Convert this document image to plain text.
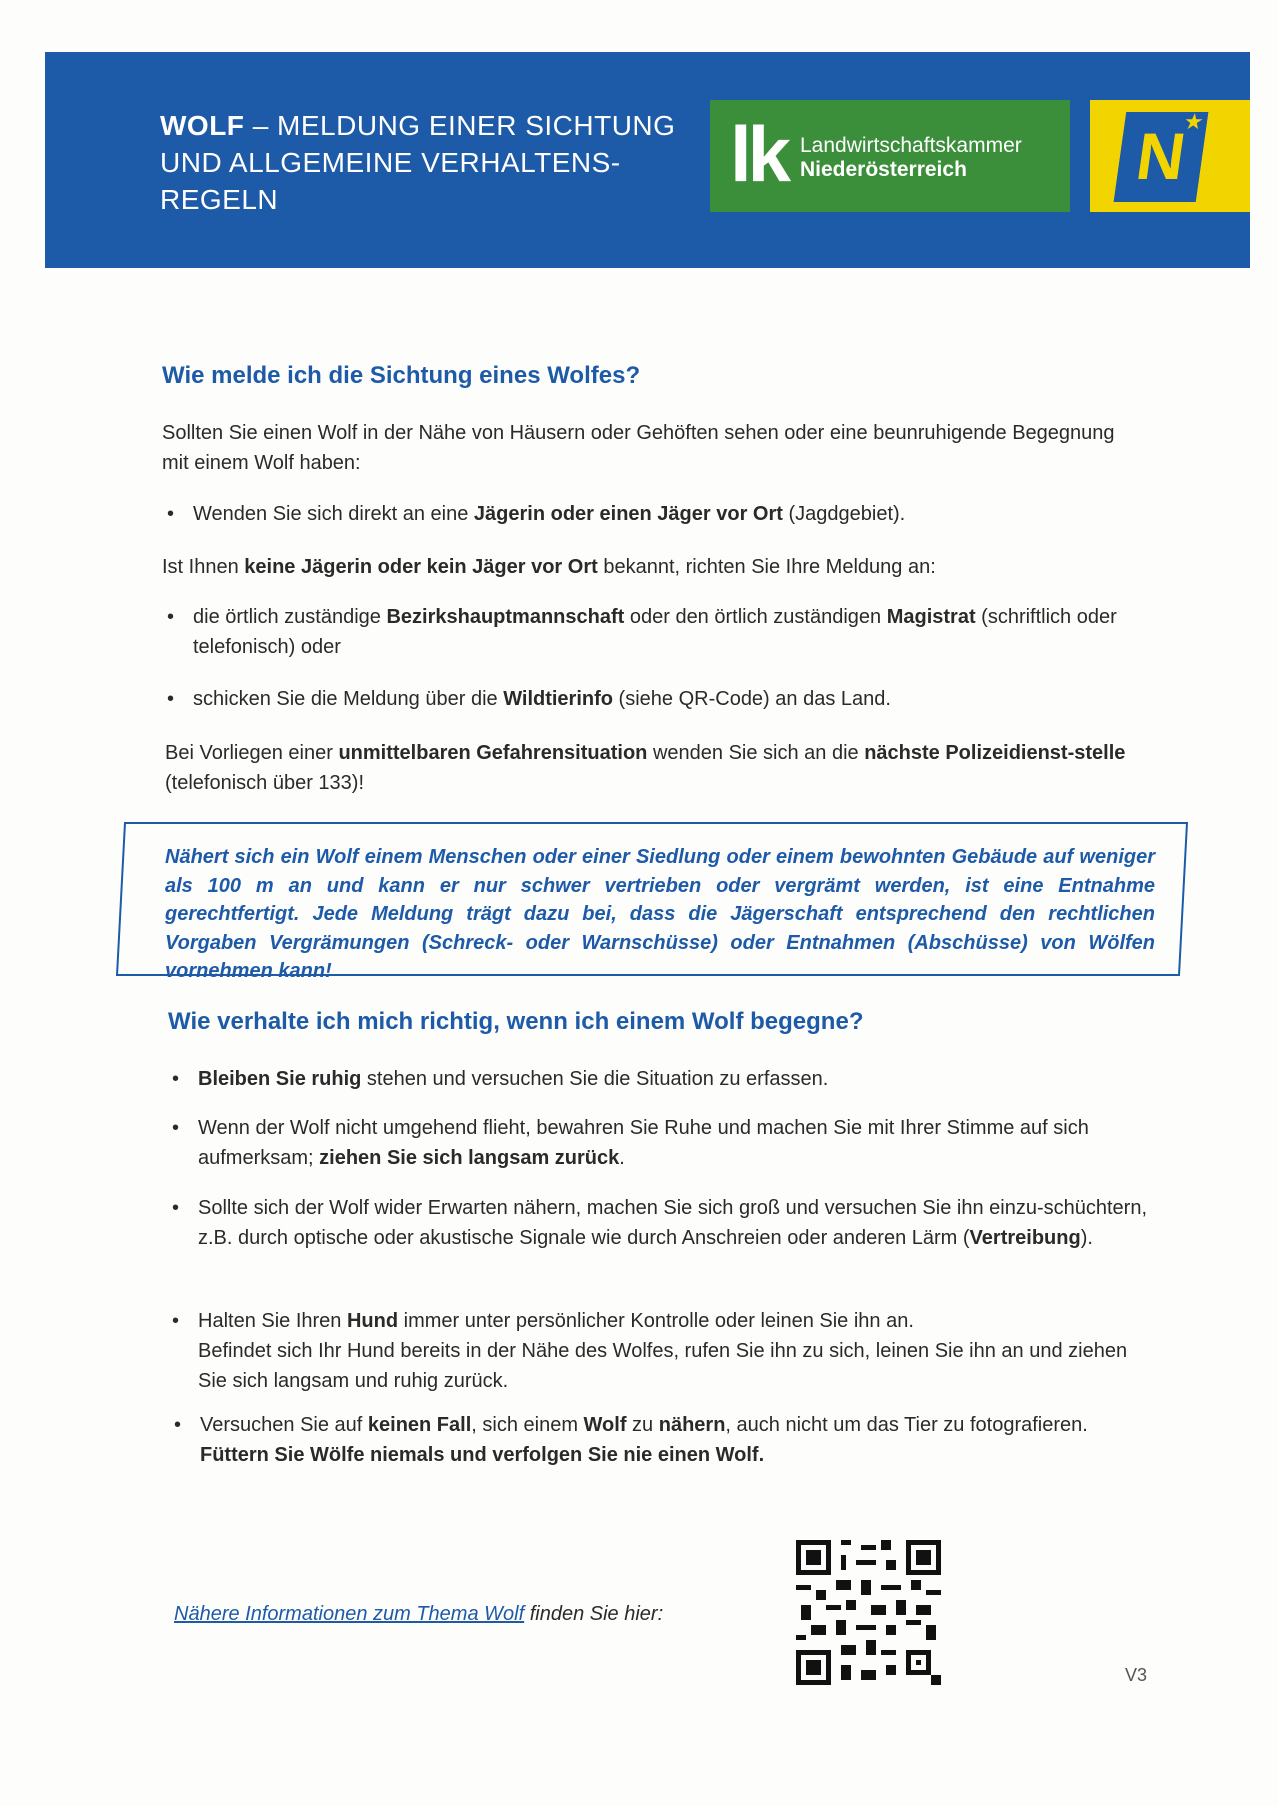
WOLF – MELDUNG EINER SICHTUNG
UND ALLGEMEINE VERHALTENS-
REGELN
lk Landwirtschaftskammer
Niederösterreich	N
★
Wie melde ich die Sichtung eines Wolfes?

Sollten Sie einen Wolf in der Nähe von Häusern oder Gehöften sehen oder eine beunruhigende Begegnung mit einem Wolf haben:

• Wenden Sie sich direkt an eine Jägerin oder einen Jäger vor Ort (Jagdgebiet).

Ist Ihnen keine Jägerin oder kein Jäger vor Ort bekannt, richten Sie Ihre Meldung an:

• die örtlich zuständige Bezirkshauptmannschaft oder den örtlich zuständigen Magistrat (schriftlich oder telefonisch) oder
• schicken Sie die Meldung über die Wildtierinfo (siehe QR-Code) an das Land.

Bei Vorliegen einer unmittelbaren Gefahrensituation wenden Sie sich an die nächste Polizeidienst-stelle (telefonisch über 133)!

Nähert sich ein Wolf einem Menschen oder einer Siedlung oder einem bewohnten Gebäude auf weniger als 100 m an und kann er nur schwer vertrieben oder vergrämt werden, ist eine Entnahme gerechtfertigt. Jede Meldung trägt dazu bei, dass die Jägerschaft entsprechend den rechtlichen Vorgaben Vergrämungen (Schreck- oder Warnschüsse) oder Entnahmen (Abschüsse) von Wölfen vornehmen kann!
Wie verhalte ich mich richtig, wenn ich einem Wolf begegne?
• Bleiben Sie ruhig stehen und versuchen Sie die Situation zu erfassen.
• Wenn der Wolf nicht umgehend flieht, bewahren Sie Ruhe und machen Sie mit Ihrer Stimme auf sich aufmerksam; ziehen Sie sich langsam zurück.
• Sollte sich der Wolf wider Erwarten nähern, machen Sie sich groß und versuchen Sie ihn einzu-schüchtern, z.B. durch optische oder akustische Signale wie durch Anschreien oder anderen Lärm (Vertreibung).
• Halten Sie Ihren Hund immer unter persönlicher Kontrolle oder leinen Sie ihn an.
Befindet sich Ihr Hund bereits in der Nähe des Wolfes, rufen Sie ihn zu sich, leinen Sie ihn an und ziehen Sie sich langsam und ruhig zurück.
• Versuchen Sie auf keinen Fall, sich einem Wolf zu nähern, auch nicht um das Tier zu fotografieren.
Füttern Sie Wölfe niemals und verfolgen Sie nie einen Wolf.
Nähere Informationen zum Thema Wolf finden Sie hier:
V3
